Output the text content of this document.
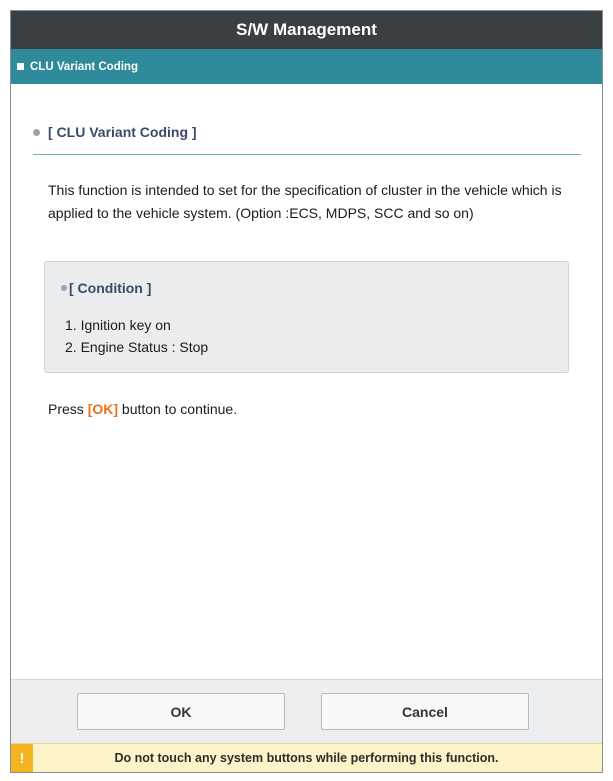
S/W Management
CLU Variant Coding
[ CLU Variant Coding ]
This function is intended to set for the specification of cluster in the vehicle which is applied to the vehicle system. (Option :ECS, MDPS, SCC and so on)
[ Condition ]
1. Ignition key on
2. Engine Status : Stop
Press [OK] button to continue.
OK	Cancel
!	Do not touch any system buttons while performing this function.
